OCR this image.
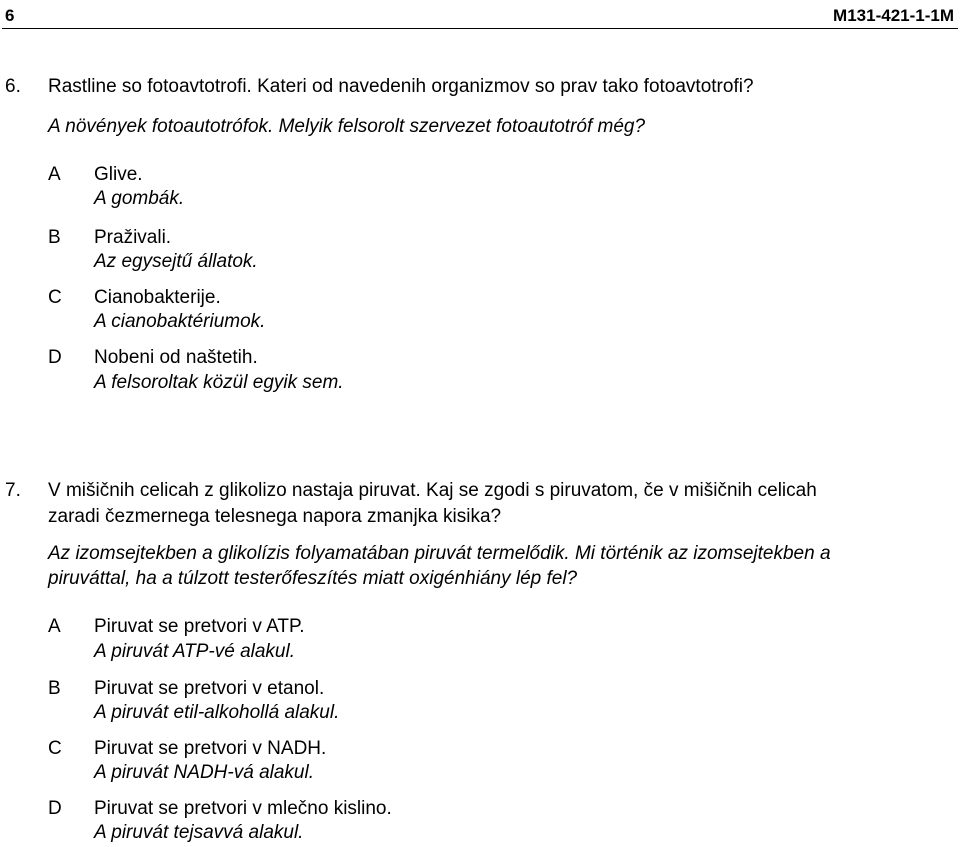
6	M131-421-1-1M
6. Rastline so fotoavtotrofi. Kateri od navedenih organizmov so prav tako fotoavtotrofi?
A növények fotoautotrófok. Melyik felsorolt szervezet fotoautotróf még?
A Glive.
A gombák.
B Praživali.
Az egysejtű állatok.
C Cianobakterije.
A cianobaktériumok.
D Nobeni od naštetih.
A felsoroltak közül egyik sem.
7. V mišičnih celicah z glikolizo nastaja piruvat. Kaj se zgodi s piruvatom, če v mišičnih celicah
zaradi čezmernega telesnega napora zmanjka kisika?
Az izomsejtekben a glikolízis folyamatában piruvát termelődik. Mi történik az izomsejtekben a
piruváttal, ha a túlzott testerőfeszítés miatt oxigénhiány lép fel?
A Piruvat se pretvori v ATP.
A piruvát ATP-vé alakul.
B Piruvat se pretvori v etanol.
A piruvát etil-alkohollá alakul.
C Piruvat se pretvori v NADH.
A piruvát NADH-vá alakul.
D Piruvat se pretvori v mlečno kislino.
A piruvát tejsavvá alakul.
